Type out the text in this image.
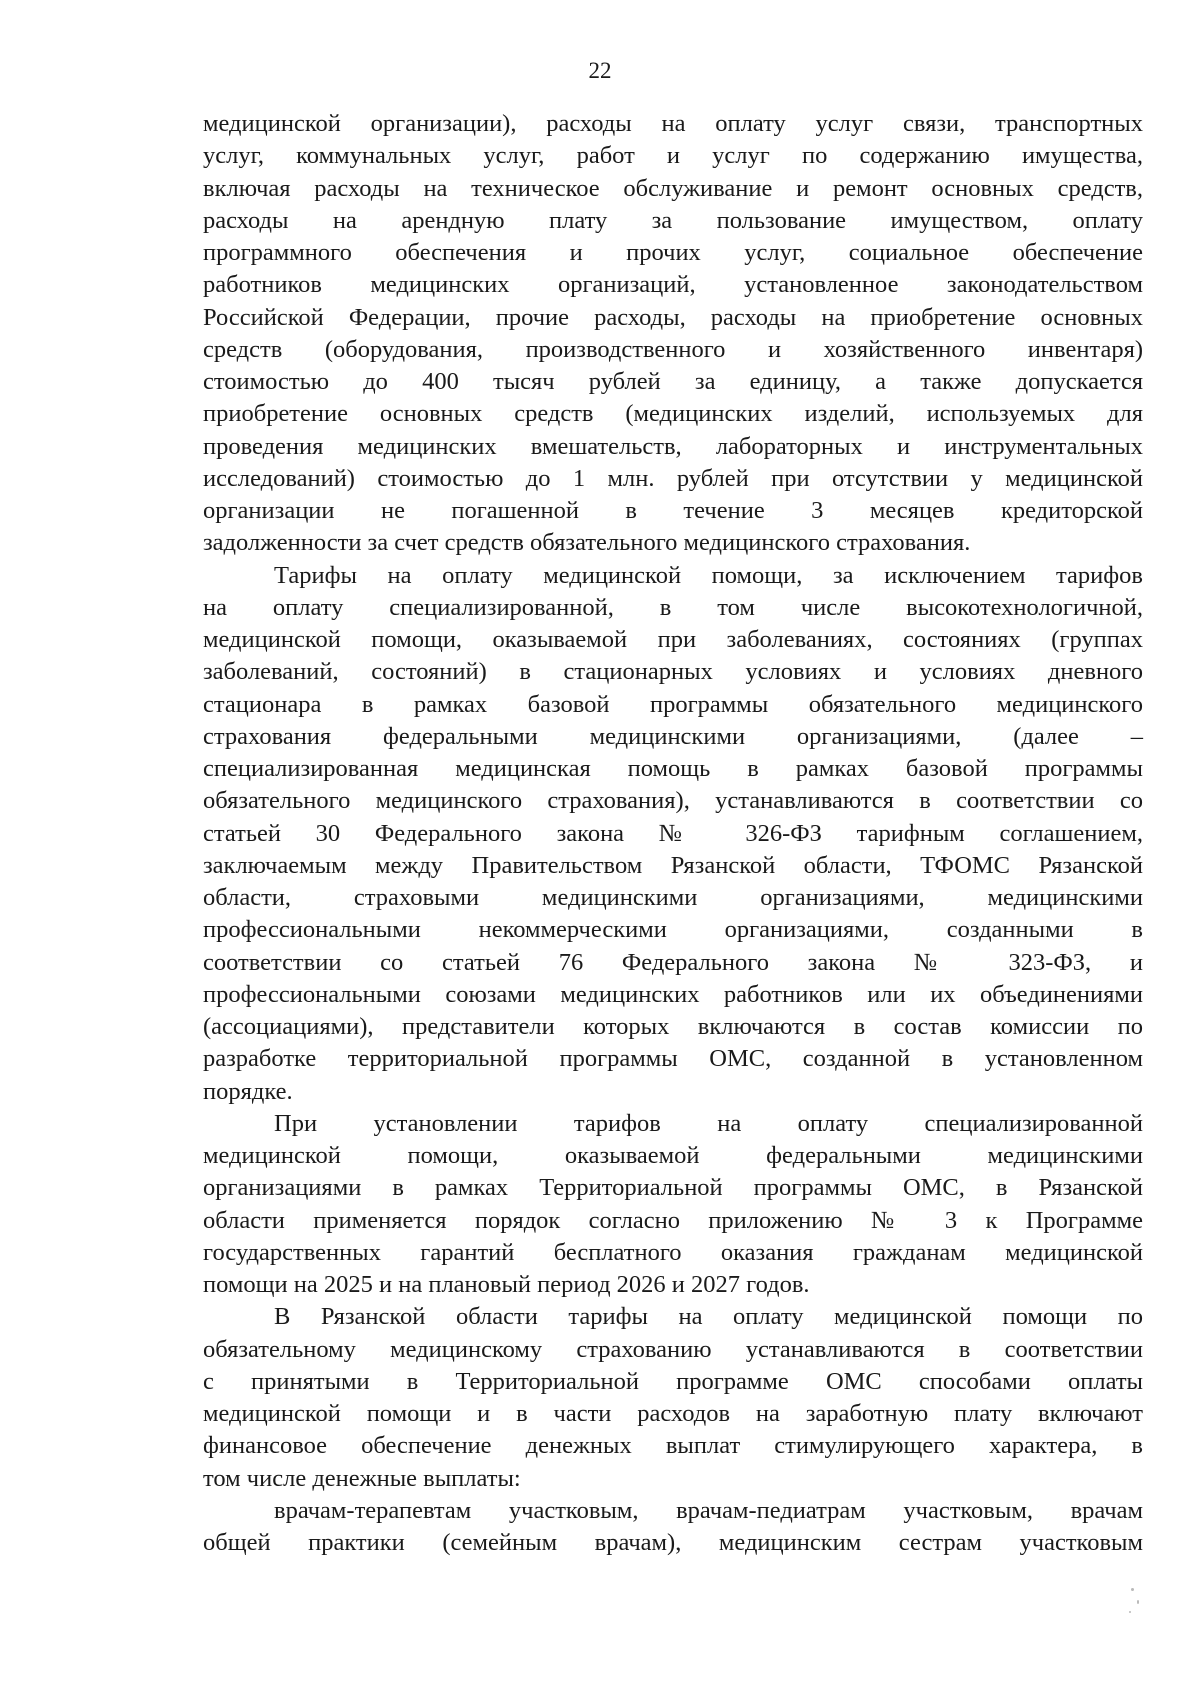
22
медицинской организации), расходы на оплату услуг связи, транспортных
услуг, коммунальных услуг, работ и услуг по содержанию имущества,
включая расходы на техническое обслуживание и ремонт основных средств,
расходы на арендную плату за пользование имуществом, оплату
программного обеспечения и прочих услуг, социальное обеспечение
работников медицинских организаций, установленное законодательством
Российской Федерации, прочие расходы, расходы на приобретение основных
средств (оборудования, производственного и хозяйственного инвентаря)
стоимостью до 400 тысяч рублей за единицу, а также допускается
приобретение основных средств (медицинских изделий, используемых для
проведения медицинских вмешательств, лабораторных и инструментальных
исследований) стоимостью до 1 млн. рублей при отсутствии у медицинской
организации не погашенной в течение 3 месяцев кредиторской
задолженности за счет средств обязательного медицинского страхования.
Тарифы на оплату медицинской помощи, за исключением тарифов
на оплату специализированной, в том числе высокотехнологичной,
медицинской помощи, оказываемой при заболеваниях, состояниях (группах
заболеваний, состояний) в стационарных условиях и условиях дневного
стационара в рамках базовой программы обязательного медицинского
страхования федеральными медицинскими организациями, (далее –
специализированная медицинская помощь в рамках базовой программы
обязательного медицинского страхования), устанавливаются в соответствии со
статьей 30 Федерального закона № 326-ФЗ тарифным соглашением,
заключаемым между Правительством Рязанской области, ТФОМС Рязанской
области, страховыми медицинскими организациями, медицинскими
профессиональными некоммерческими организациями, созданными в
соответствии со статьей 76 Федерального закона № 323-ФЗ, и
профессиональными союзами медицинских работников или их объединениями
(ассоциациями), представители которых включаются в состав комиссии по
разработке территориальной программы ОМС, созданной в установленном
порядке.
При установлении тарифов на оплату специализированной
медицинской помощи, оказываемой федеральными медицинскими
организациями в рамках Территориальной программы ОМС, в Рязанской
области применяется порядок согласно приложению № 3 к Программе
государственных гарантий бесплатного оказания гражданам медицинской
помощи на 2025 и на плановый период 2026 и 2027 годов.
В Рязанской области тарифы на оплату медицинской помощи по
обязательному медицинскому страхованию устанавливаются в соответствии
с принятыми в Территориальной программе ОМС способами оплаты
медицинской помощи и в части расходов на заработную плату включают
финансовое обеспечение денежных выплат стимулирующего характера, в
том числе денежные выплаты:
врачам-терапевтам участковым, врачам-педиатрам участковым, врачам
общей практики (семейным врачам), медицинским сестрам участковым
